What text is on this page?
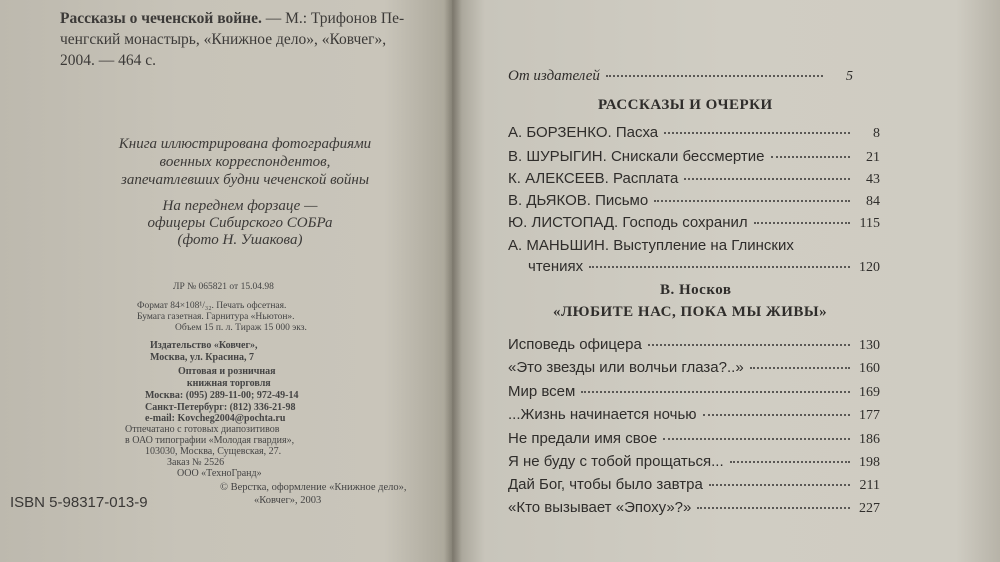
Рассказы о чеченской войне. — М.: Трифонов Пе-
ченгский монастырь, «Книжное дело», «Ковчег»,
2004. — 464 с.
Книга иллюстрирована фотографиями
военных корреспондентов,
запечатлевших будни чеченской войны
На переднем форзаце —
офицеры Сибирского СОБРа
(фото Н. Ушакова)
ЛР № 065821 от 15.04.98
Формат 84×108¹/₃₂. Печать офсетная.
Бумага газетная. Гарнитура «Ньютон».
Объем 15 п. л. Тираж 15 000 экз.
Издательство «Ковчег»,
Москва, ул. Красина, 7
Оптовая и розничная
книжная торговля
Москва: (095) 289-11-00; 972-49-14
Санкт-Петербург: (812) 336-21-98
e-mail: Kovcheg2004@pochta.ru
Отпечатано с готовых диапозитивов
в ОАО типографии «Молодая гвардия»,
103030, Москва, Сущевская, 27.
Заказ № 2526
ООО «ТехноГранд»
ISBN 5-98317-013-9
© Верстка, оформление «Книжное дело»,
«Ковчег», 2003
От издателей	5
РАССКАЗЫ И ОЧЕРКИ
А. БОРЗЕНКО. Пасха	8
В. ШУРЫГИН. Снискали бессмертие	21
К. АЛЕКСЕЕВ. Расплата	43
В. ДЬЯКОВ. Письмо	84
Ю. ЛИСТОПАД. Господь сохранил	115
А. МАНЬШИН. Выступление на Глинских
чтениях	120
В. Носков
«ЛЮБИТЕ НАС, ПОКА МЫ ЖИВЫ»
Исповедь офицера	130
«Это звезды или волчьи глаза?..»	160
Мир всем	169
...Жизнь начинается ночью	177
Не предали имя свое	186
Я не буду с тобой прощаться...	198
Дай Бог, чтобы было завтра	211
«Кто вызывает «Эпоху»?»	227
